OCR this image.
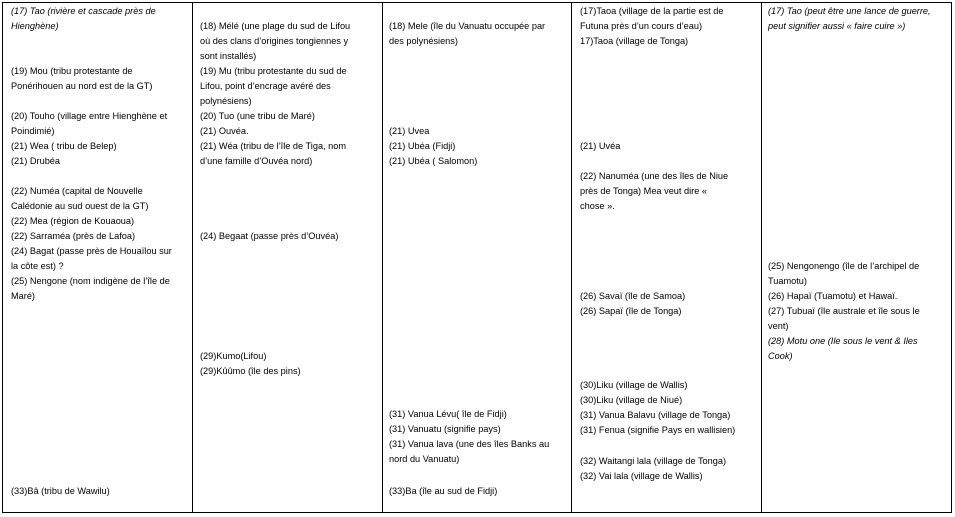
(17) Tao (rivière et cascade près de
Hienghène)
(19) Mou (tribu protestante de
Ponérihouen au nord est de la GT)
(20) Touho (village entre Hienghène et
Poindimié)
(21) Wea ( tribu de Belep)
(21) Drubéa
(22) Numéa (capital de Nouvelle
Calédonie au sud ouest de la GT)
(22) Mea (région de Kouaoua)
(22) Sarraméa (près de Lafoa)
(24) Bagat (passe près de Houaïlou sur
la côte est) ?
(25) Nengone (nom indigène de l’île de
Maré)
(33)Bâ (tribu de Wawilu)
(18) Mélé (une plage du sud de Lifou
où des clans d’origines tongiennes y
sont installés)
(19) Mu (tribu protestante du sud de
Lifou, point d’encrage avéré des
polynésiens)
(20) Tuo (une tribu de Maré)
(21) Ouvéa.
(21) Wéa (tribu de l’île de Tiga, nom
d’une famille d’Ouvéa nord)
(24) Begaat (passe près d’Ouvéa)
(29)Kumo(Lifou)
(29)Kûûmo (île des pins)
(18) Mele (île du Vanuatu occupée par
des polynésiens)
(21) Uvea
(21) Ubéa (Fidji)
(21) Ubéa ( Salomon)
(31) Vanua Lévu( île de Fidji)
(31) Vanuatu (signifie pays)
(31) Vanua lava (une des îles Banks au
nord du Vanuatu)
(33)Ba (île au sud de Fidji)
(17)Taoa (village de la partie est de
Futuna près d’un cours d’eau)
17)Taoa (village de Tonga)
(21) Uvéa
(22) Nanuméa (une des îles de Niue
près de Tonga) Mea veut dire «
chose ».
(26) Savaï (île de Samoa)
(26) Sapaï (île de Tonga)
(30)Liku (village de Wallis)
(30)Liku (village de Niué)
(31) Vanua Balavu (village de Tonga)
(31) Fenua (signifie Pays en wallisien)
(32) Waitangi lala (village de Tonga)
(32) Vai lala (village de Wallis)
(17) Tao (peut être une lance de guerre,
peut signifier aussi « faire cuire »)
(25) Nengonengo (île de l’archipel de
Tuamotu)
(26) Hapaï (Tuamotu) et Hawaï.
(27) Tubuaï (île australe et île sous le
vent)
(28) Motu one (Ile sous le vent & Iles
Cook)
